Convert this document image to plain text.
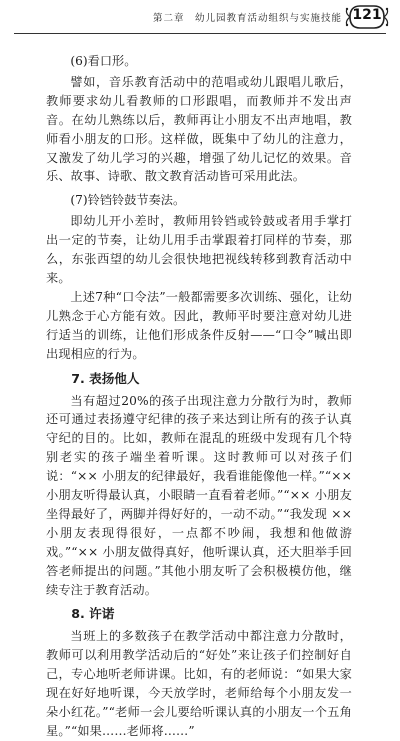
第二章　幼儿园教育活动组织与实施技能 121

(6)看口形。

譬如，音乐教育活动中的范唱或幼儿跟唱儿歌后，教师要求幼儿看教师的口形跟唱，而教师并不发出声音。在幼儿熟练以后，教师再让小朋友不出声地唱，教师看小朋友的口形。这样做，既集中了幼儿的注意力，又激发了幼儿学习的兴趣，增强了幼儿记忆的效果。音乐、故事、诗歌、散文教育活动皆可采用此法。

(7)铃铛铃鼓节奏法。

即幼儿开小差时，教师用铃铛或铃鼓或者用手掌打出一定的节奏，让幼儿用手击掌跟着打同样的节奏，那么，东张西望的幼儿会很快地把视线转移到教育活动中来。

上述7种“口令法”一般都需要多次训练、强化，让幼儿熟念于心方能有效。因此，教师平时要注意对幼儿进行适当的训练，让他们形成条件反射——“口令”喊出即出现相应的行为。

7. 表扬他人

当有超过20%的孩子出现注意力分散行为时，教师还可通过表扬遵守纪律的孩子来达到让所有的孩子认真守纪的目的。比如，教师在混乱的班级中发现有几个特别老实的孩子端坐着听课。这时教师可以对孩子们说：“×× 小朋友的纪律最好，我看谁能像他一样。”“×× 小朋友听得最认真，小眼睛一直看着老师。”“×× 小朋友坐得最好了，两脚并得好好的，一动不动。”“我发现 ×× 小朋友表现得很好，一点都不吵闹，我想和他做游戏。”“×× 小朋友做得真好，他听课认真，还大胆举手回答老师提出的问题。”其他小朋友听了会积极模仿他，继续专注于教育活动。

8. 许诺

当班上的多数孩子在教学活动中都注意力分散时，教师可以利用教学活动后的“好处”来让孩子们控制好自己，专心地听老师讲课。比如，有的老师说：“如果大家现在好好地听课，今天放学时，老师给每个小朋友发一朵小红花。”“老师一会儿要给听课认真的小朋友一个五角星。”“如果……老师将……”
